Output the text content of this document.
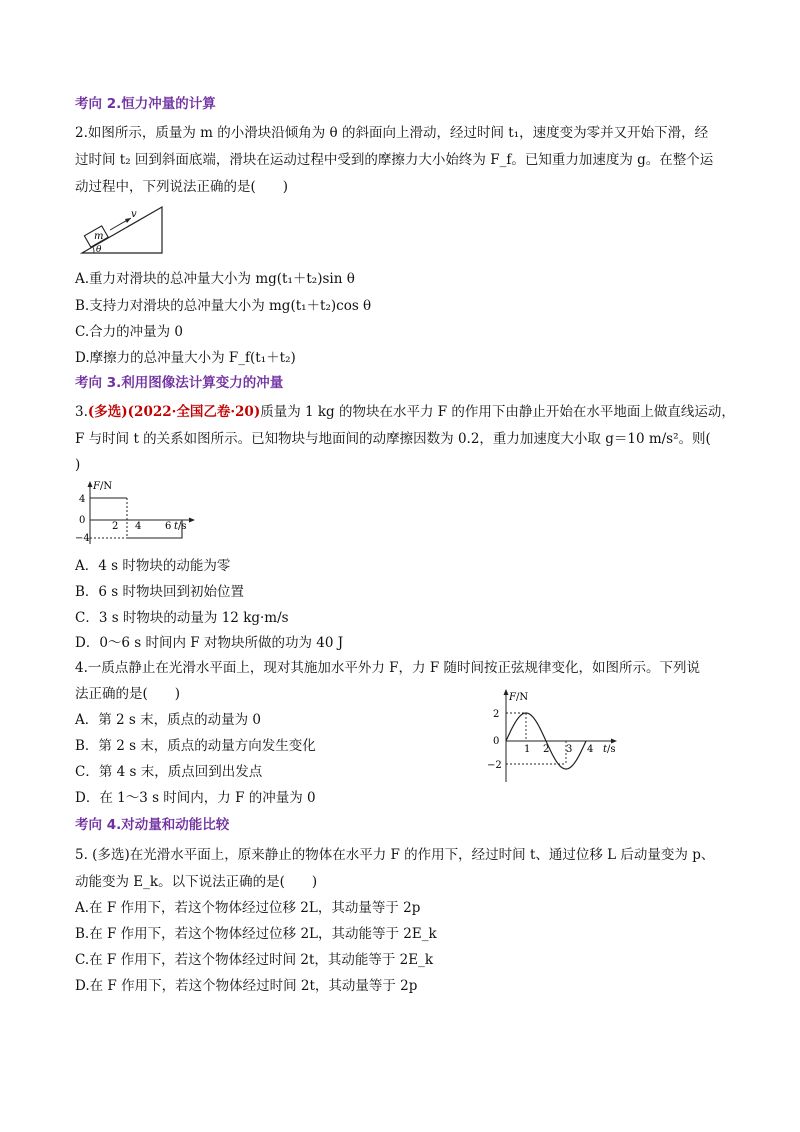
考向 2.恒力冲量的计算
2.如图所示，质量为 m 的小滑块沿倾角为 θ 的斜面向上滑动，经过时间 t₁，速度变为零并又开始下滑，经
过时间 t₂ 回到斜面底端，滑块在运动过程中受到的摩擦力大小始终为 F_f。已知重力加速度为 g。在整个运
动过程中，下列说法正确的是(　　)
v
m
θ
A.重力对滑块的总冲量大小为 mg(t₁＋t₂)sin θ
B.支持力对滑块的总冲量大小为 mg(t₁＋t₂)cos θ
C.合力的冲量为 0
D.摩擦力的总冲量大小为 F_f(t₁＋t₂)
考向 3.利用图像法计算变力的冲量
3.(多选)(2022·全国乙卷·20)质量为 1 kg 的物块在水平力 F 的作用下由静止开始在水平地面上做直线运动，
F 与时间 t 的关系如图所示。已知物块与地面间的动摩擦因数为 0.2，重力加速度大小取 g＝10 m/s²。则(
)
F/N
t/s
4
0
−4
2 4 6
A．4 s 时物块的动能为零
B．6 s 时物块回到初始位置
C．3 s 时物块的动量为 12 kg·m/s
D．0～6 s 时间内 F 对物块所做的功为 40 J
4.一质点静止在光滑水平面上，现对其施加水平外力 F，力 F 随时间按正弦规律变化，如图所示。下列说
法正确的是(　　)
A．第 2 s 末，质点的动量为 0
B．第 2 s 末，质点的动量方向发生变化
C．第 4 s 末，质点回到出发点
D．在 1～3 s 时间内，力 F 的冲量为 0
F/N
t/s
2
0
−2
1 2 3 4
考向 4.对动量和动能比较
5. (多选)在光滑水平面上，原来静止的物体在水平力 F 的作用下，经过时间 t、通过位移 L 后动量变为 p、
动能变为 E_k。以下说法正确的是(　　)
A.在 F 作用下，若这个物体经过位移 2L，其动量等于 2p
B.在 F 作用下，若这个物体经过位移 2L，其动能等于 2E_k
C.在 F 作用下，若这个物体经过时间 2t，其动能等于 2E_k
D.在 F 作用下，若这个物体经过时间 2t，其动量等于 2p
